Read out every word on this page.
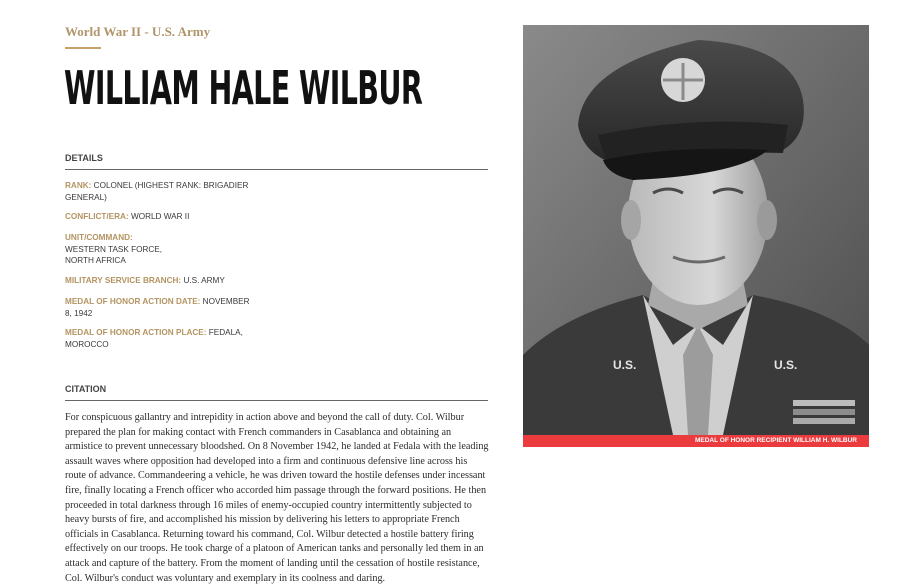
World War II - U.S. Army
WILLIAM HALE WILBUR
DETAILS
RANK: COLONEL (HIGHEST RANK: BRIGADIER GENERAL)
CONFLICT/ERA: WORLD WAR II
UNIT/COMMAND: WESTERN TASK FORCE, NORTH AFRICA
MILITARY SERVICE BRANCH: U.S. ARMY
MEDAL OF HONOR ACTION DATE: NOVEMBER 8, 1942
MEDAL OF HONOR ACTION PLACE: FEDALA, MOROCCO
CITATION
For conspicuous gallantry and intrepidity in action above and beyond the call of duty. Col. Wilbur prepared the plan for making contact with French commanders in Casablanca and obtaining an armistice to prevent unnecessary bloodshed. On 8 November 1942, he landed at Fedala with the leading assault waves where opposition had developed into a firm and continuous defensive line across his route of advance. Commandeering a vehicle, he was driven toward the hostile defenses under incessant fire, finally locating a French officer who accorded him passage through the forward positions. He then proceeded in total darkness through 16 miles of enemy-occupied country intermittently subjected to heavy bursts of fire, and accomplished his mission by delivering his letters to appropriate French officials in Casablanca. Returning toward his command, Col. Wilbur detected a hostile battery firing effectively on our troops. He took charge of a platoon of American tanks and personally led them in an attack and capture of the battery. From the moment of landing until the cessation of hostile resistance, Col. Wilbur's conduct was voluntary and exemplary in its coolness and daring.
U.S.	U.S.
MEDAL OF HONOR RECIPIENT WILLIAM H. WILBUR
